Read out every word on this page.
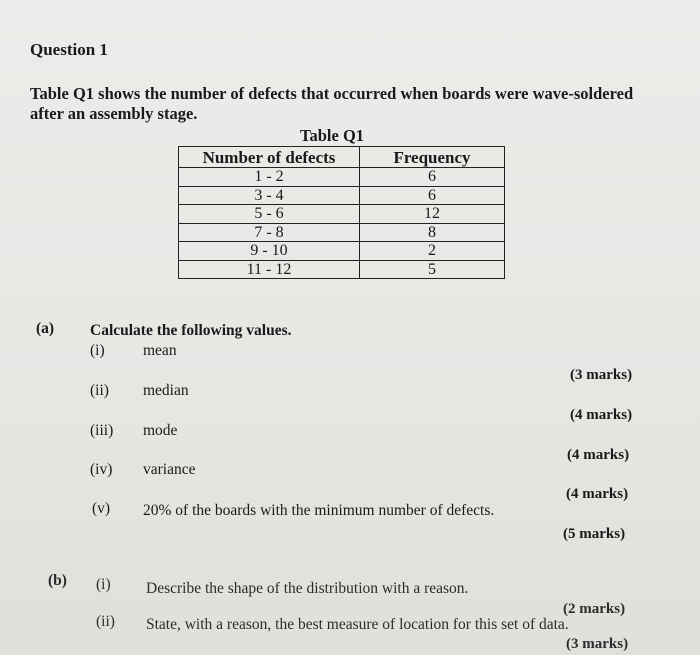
Question 1
Table Q1 shows the number of defects that occurred when boards were wave-soldered
after an assembly stage.
Table Q1
Number of defects	Frequency
1 - 2	6
3 - 4	6
5 - 6	12
7 - 8	8
9 - 10	2
11 - 12	5
(a) Calculate the following values.
(i) mean
(3 marks)
(ii) median
(4 marks)
(iii) mode
(4 marks)
(iv) variance
(4 marks)
(v) 20% of the boards with the minimum number of defects.
(5 marks)
(b) (i) Describe the shape of the distribution with a reason.
(2 marks)
(ii) State, with a reason, the best measure of location for this set of data.
(3 marks)
